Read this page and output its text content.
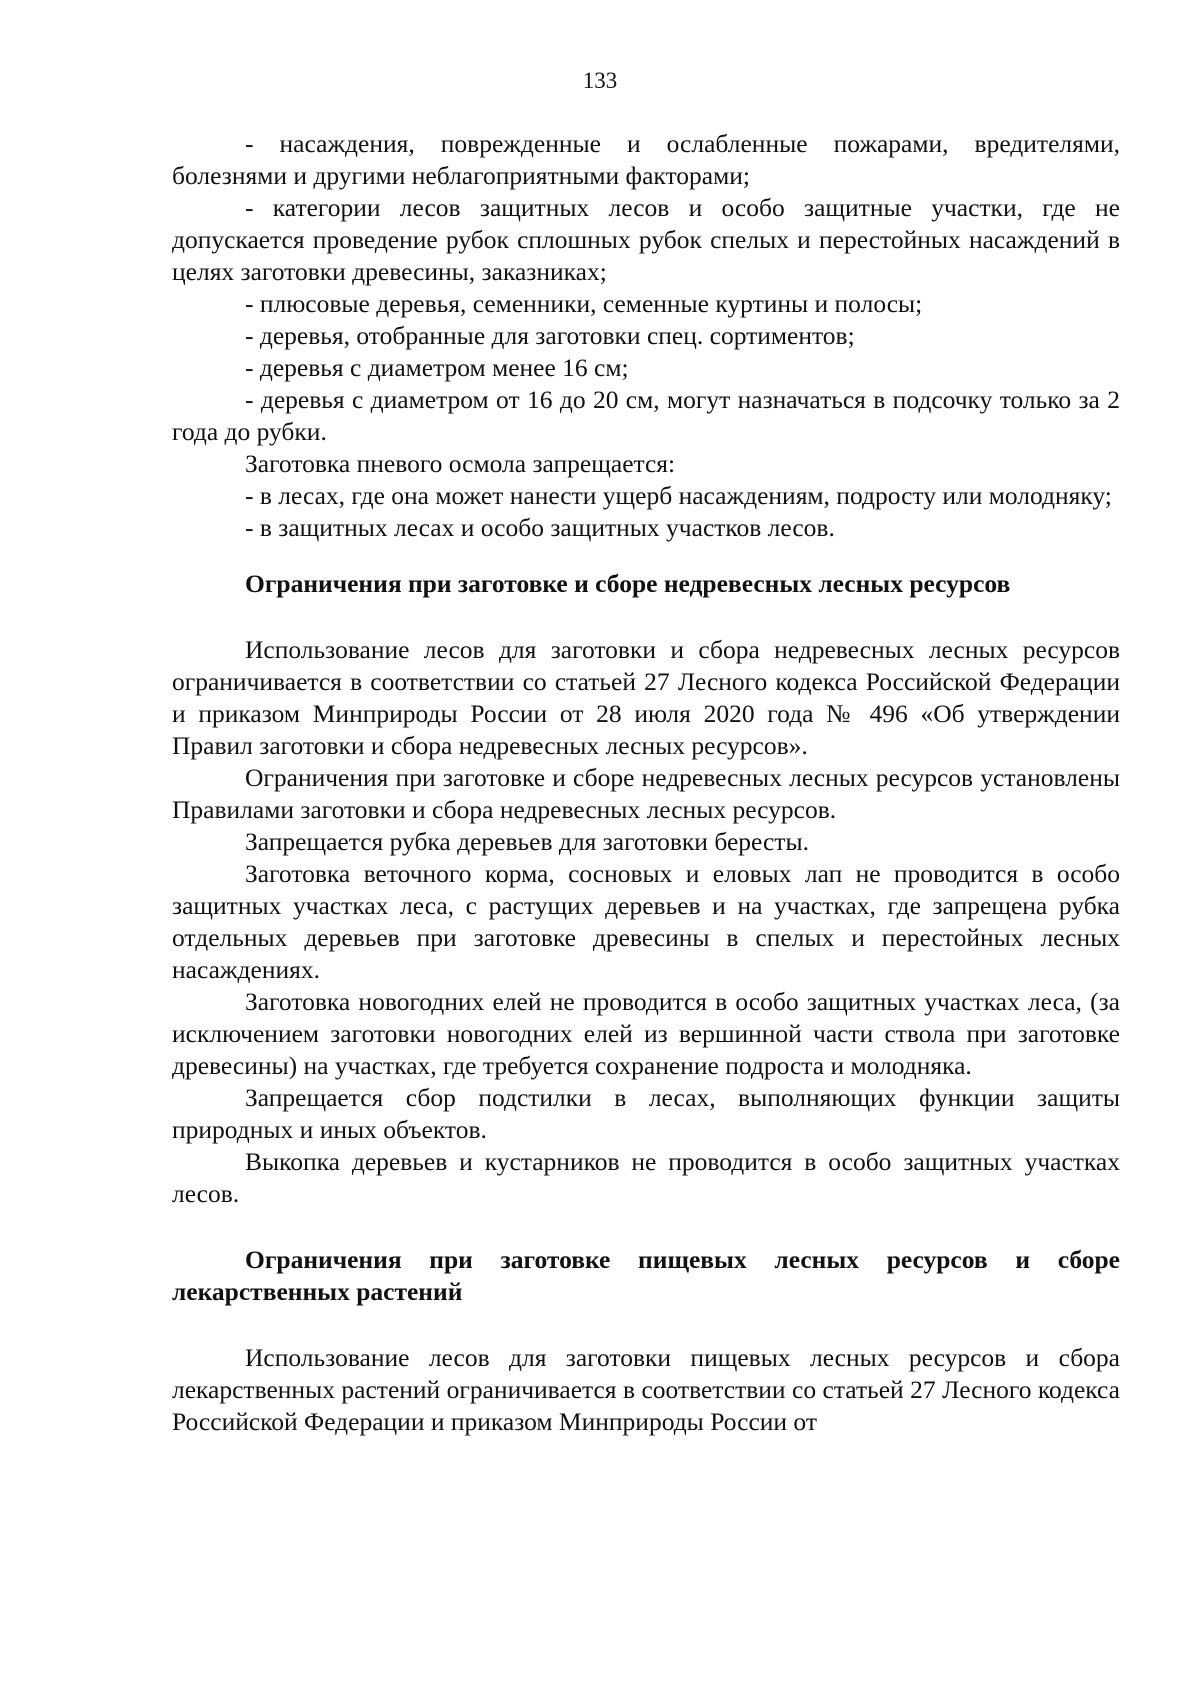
133

- насаждения, поврежденные и ослабленные пожарами, вредителями, болезнями и другими неблагоприятными факторами;

- категории лесов защитных лесов и особо защитные участки, где не допускается проведение рубок сплошных рубок спелых и перестойных насаждений в целях заготовки древесины, заказниках;

- плюсовые деревья, семенники, семенные куртины и полосы;

- деревья, отобранные для заготовки спец. сортиментов;

- деревья с диаметром менее 16 см;

- деревья с диаметром от 16 до 20 см, могут назначаться в подсочку только за 2 года до рубки.

Заготовка пневого осмола запрещается:

- в лесах, где она может нанести ущерб насаждениям, подросту или молодняку;

- в защитных лесах и особо защитных участков лесов.

Ограничения при заготовке и сборе недревесных лесных ресурсов

Использование лесов для заготовки и сбора недревесных лесных ресурсов ограничивается в соответствии со статьей 27 Лесного кодекса Российской Федерации и приказом Минприроды России от 28 июля 2020 года № 496 «Об утверждении Правил заготовки и сбора недревесных лесных ресурсов».

Ограничения при заготовке и сборе недревесных лесных ресурсов установлены Правилами заготовки и сбора недревесных лесных ресурсов.

Запрещается рубка деревьев для заготовки бересты.

Заготовка веточного корма, сосновых и еловых лап не проводится в особо защитных участках леса, с растущих деревьев и на участках, где запрещена рубка отдельных деревьев при заготовке древесины в спелых и перестойных лесных насаждениях.

Заготовка новогодних елей не проводится в особо защитных участках леса, (за исключением заготовки новогодних елей из вершинной части ствола при заготовке древесины) на участках, где требуется сохранение подроста и молодняка.

Запрещается сбор подстилки в лесах, выполняющих функции защиты природных и иных объектов.

Выкопка деревьев и кустарников не проводится в особо защитных участках лесов.

Ограничения при заготовке пищевых лесных ресурсов и сборе лекарственных растений

Использование лесов для заготовки пищевых лесных ресурсов и сбора лекарственных растений ограничивается в соответствии со статьей 27 Лесного кодекса Российской Федерации и приказом Минприроды России от
